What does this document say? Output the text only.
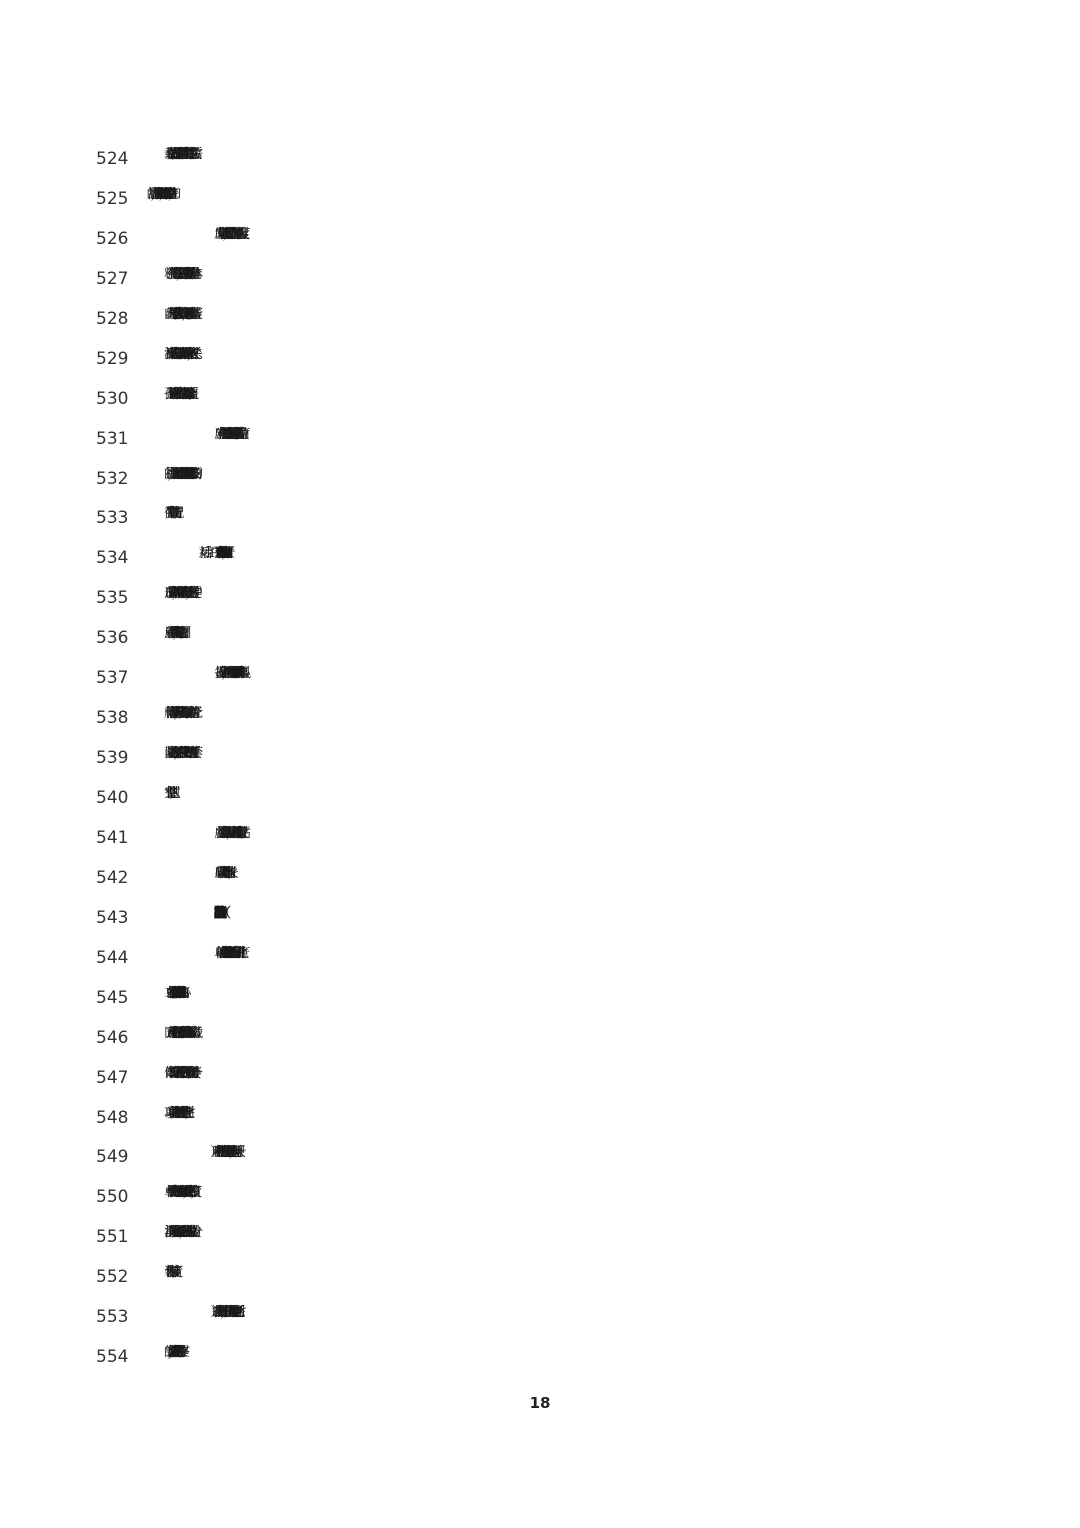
524	载量和装载方式。使用杀孢子剂消除活性生物负荷程序的工艺参数需
525	经过验证，如 VHP 的注射率，注射量和注射时间，通风时间等。
526	应制定环境监测措施，对操作舱体内部的压差、风速、温湿度、
527	粒子、微生物等进行在线监测，以确保整个生产操作过程中操作舱体
528	内部无菌环境的有效性。监测数据应有记录，并可被追溯。隔离器废
529	液排出系统应确认防污染情况；隔离器内如配备生产设备，应关注杀
530	孢子剂效果确认时指示剂位点的选择、设备表面是否全覆盖。
531	应建立在传递舱使用杀孢子剂消除细胞样本表面活性生物负荷
532	的程序，关注此过程对细胞样本可能造成的影响和细胞样本外表面的
533	微生物负载监测情况。
534
535	形成的外露密封圈，应及时用无菌的消毒剂进行处理，在传递过程中
536	应遵循无菌操作要求，避免触碰密封圈。
537	每批次产品生产前，应对隔离器内舱体、温控模块舱体和离心机
538	舱体等进行清洁和消毒，清洁和消毒方式应经过确认。应定期检查无
539	菌隔离器的密封完整性，至少应在每批生产的开始和结束时进行手套
540	完整性测试。
541	应关注细胞产品批次间切换时，隔离器防污染措施和有效性评估。
542	应确认隔离器无菌状态维持时长。
543
544	单功能或多功能细胞处理设备是细胞治疗产品密闭自动化生产
545	工艺中的核心设备。设备采用轴向离心/逆向流离心/旋转膜过滤等不
546	同方式对细胞进行包括但不限于单个核细胞分离、血浆去除、病毒载
547	体离心转导、分选磁珠孵育、细胞分选、洗涤浓缩以及制剂分装等一
548	项或多项功能。该设备一般搭配配套的一次性耗材。
549	1）应对不同程序的细胞处理能力上限进行确认，包括但不限于
550	单个核细胞分离的起始细胞数量和体积的上限，分离后的体积精度，
551	洗涤收获可处理体积和细胞量的上限，分装程序的最大分装袋数、分
552	装体积和分装精度。
553	2）设备在生产使用过程中，存在较多人为干预操作（包括耗材
554	的安装，管路无菌热合等），应建立相关的操作程序。
18
